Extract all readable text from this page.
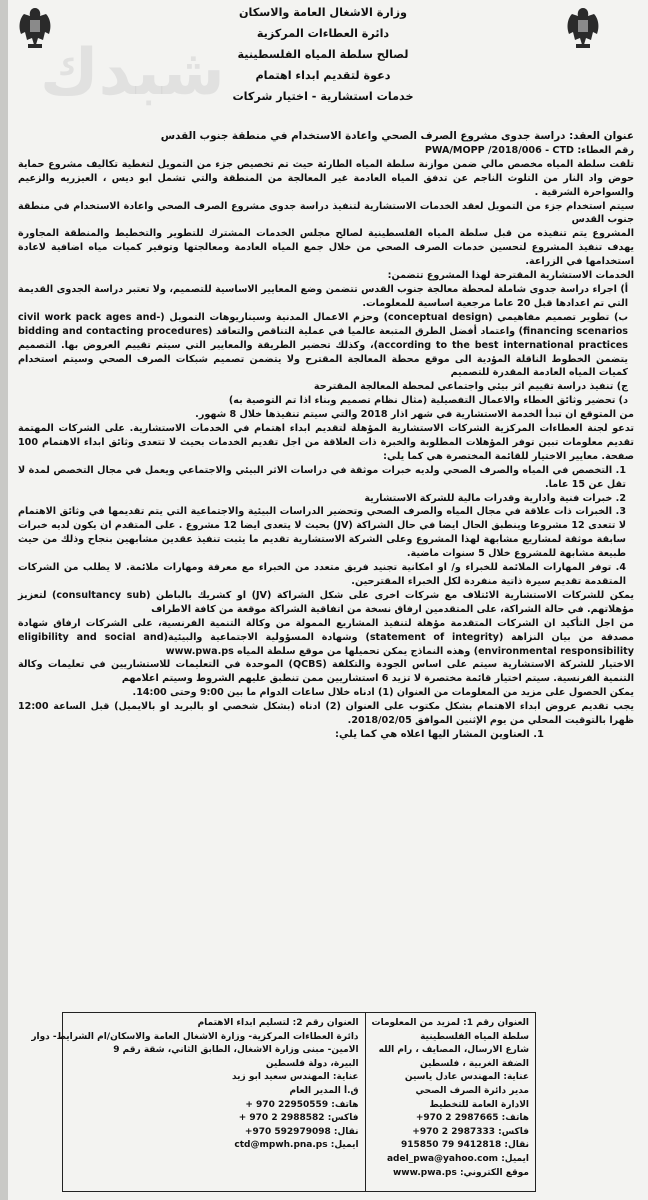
شبدك
وزارة الاشغال العامة والاسكان
دائرة العطاءات المركزية
لصالح سلطة المياه الفلسطينية
دعوة لتقديم ابداء اهتمام
خدمات استشارية - اختيار شركات

عنوان العقد: دراسة جدوى مشروع الصرف الصحي واعادة الاستخدام في منطقة جنوب القدس

رقم العطاء: PWA/MOPP /2018/006 - CTD

تلقت سلطة المياه مخصص مالي ضمن موازنة سلطة المياه الطارئة حيث تم تخصيص جزء من التمويل لتغطية تكاليف مشروع حماية حوض واد النار من التلوث الناجم عن تدفق المياه العادمة غير المعالجة من المنطقة والتي تشمل ابو ديس ، العيزريه والزعيم والسواحرة الشرقية .

سيتم استخدام جزء من التمويل لعقد الخدمات الاستشارية لتنفيذ دراسة جدوى مشروع الصرف الصحي واعادة الاستخدام في منطقة جنوب القدس

المشروع يتم تنفيذه من قبل سلطة المياه الفلسطينية لصالح مجلس الخدمات المشترك للتطوير والتخطيط والمنطقة المجاورة يهدف تنفيذ المشروع لتحسين خدمات الصرف الصحي من خلال جمع المياه العادمة ومعالجتها وتوفير كميات مياه اضافية لاعادة استخدامها في الزراعة.

الخدمات الاستشارية المقترحة لهذا المشروع تتضمن:

أ) اجراء دراسة جدوى شاملة لمحطة معالجة جنوب القدس تتضمن وضع المعايير الاساسية للتصميم، ولا تعتبر دراسة الجدوى القديمة التي تم اعدادها قبل 20 عاما مرجعية اساسية للمعلومات.

ب) تطوير تصميم مفاهيمي (conceptual design) وحزم الاعمال المدنية وسيناريوهات التمويل (-civil work pack ages and financing scenarios) واعتماد أفضل الطرق المتبعة عالميا في عملية التناقص والتعاقد (bidding and contacting procedures according to the best international practices)، وكذلك تحضير الطريقة والمعايير التي سيتم تقييم العروض بها. التصميم يتضمن الخطوط الناقلة المؤدية الى موقع محطة المعالجة المقترح ولا يتضمن تصميم شبكات الصرف الصحي وسيتم استخدام كميات المياه العادمة المقدرة للتصميم

ج) تنفيذ دراسة تقييم اثر بيئي واجتماعي لمحطة المعالجة المقترحة

د) تحضير وثائق العطاء والاعمال التفصيلية (مثال نظام تصميم وبناء اذا تم التوصية به)

من المتوقع ان تبدأ الخدمة الاستشارية في شهر اذار 2018 والتي سيتم تنفيذها خلال 8 شهور.

تدعو لجنة العطاءات المركزية الشركات الاستشارية المؤهلة لتقديم ابداء اهتمام في الخدمات الاستشارية. على الشركات المهتمة تقديم معلومات تبين توفر المؤهلات المطلوبة والخبرة ذات العلاقة من اجل تقديم الخدمات بحيث لا تتعدى وثائق ابداء الاهتمام 100 صفحة. معايير الاختيار للقائمة المختصرة هي كما يلي:

1. التخصص في المياه والصرف الصحي ولديه خبرات موثقة في دراسات الاثر البيئي والاجتماعي ويعمل في مجال التخصص لمدة لا تقل عن 15 عاما.

2. خبرات فنية وادارية وقدرات مالية للشركة الاستشارية

3. الخبرات ذات علاقة في مجال المياه والصرف الصحي وتحضير الدراسات البيئية والاجتماعية التي يتم تقديمها في وثائق الاهتمام لا تتعدى 12 مشروعا وينطبق الحال ايضا في حال الشراكة (JV) بحيث لا يتعدى ايضا 12 مشروع . على المتقدم ان يكون لديه خبرات سابقة موثقة لمشاريع مشابهة لهذا المشروع وعلى الشركة الاستشارية تقديم ما يثبت تنفيذ عقدين مشابهين بنجاح وذلك من حيث طبيعة مشابهة للمشروع خلال 5 سنوات ماضية.

4. توفر المهارات الملائمة للخبراء و/ او امكانية تجنيد فريق متعدد من الخبراء مع معرفة ومهارات ملائمة. لا يطلب من الشركات المتقدمة تقديم سيرة ذاتية منفردة لكل الخبراء المقترحين.

يمكن للشركات الاستشارية الائتلاف مع شركات اخرى على شكل الشراكة (JV) او كشريك بالباطن (consultancy sub) لتعزيز مؤهلاتهم. في حالة الشراكة، على المتقدمين ارفاق نسخة من اتفاقية الشراكة موقعة من كافة الاطراف

من اجل التأكيد ان الشركات المتقدمة مؤهلة لتنفيذ المشاريع الممولة من وكالة التنمية الفرنسية، على الشركات ارفاق شهادة مصدقة من بيان النزاهة (statement of integrity) وشهادة المسؤولية الاجتماعية والبيئية(eligibility and social and environmental responsibility) وهذه النماذج يمكن تحميلها من موقع سلطة المياه www.pwa.ps

الاختيار للشركة الاستشارية سيتم على اساس الجودة والتكلفة (QCBS) الموحدة في التعليمات للاستشاريين في تعليمات وكالة التنمية الفرنسية. سيتم اختيار قائمة مختصرة لا تزيد 6 استشاريين ممن تنطبق عليهم الشروط وسيتم اعلامهم

يمكن الحصول على مزيد من المعلومات من العنوان (1) ادناه خلال ساعات الدوام ما بين 9:00 وحتى 14:00.

يجب تقديم عروض ابداء الاهتمام بشكل مكتوب على العنوان (2) ادناه (بشكل شخصي او بالبريد او بالايميل) قبل الساعة 12:00 ظهرا بالتوقيت المحلي من يوم الإثنين الموافق 2018/02/05.

1. العناوين المشار اليها اعلاه هي كما يلي:

العنوان رقم 1: لمزيد من المعلومات
سلطة المياه الفلسطينية
شارع الارسال، المصايف ، رام الله
الضفة الغربية ، فلسطين
عناية: المهندس عادل ياسين
مدير دائرة الصرف الصحي
الادارة العامة للتخطيط
هاتف: 2987665 2 970+
فاكس: 2987333 2 970+
نقال: 9412818 79 915850
ايميل: adel_pwa@yahoo.com
موقع الكتروني: www.pwa.ps
العنوان رقم 2: لتسليم ابداء الاهتمام
دائرة العطاءات المركزية- وزارة الاشغال العامة والاسكان/ام الشرايط- دوار
الامين- مبنى وزارة الاشغال، الطابق الثاني، شقة رقم 9
البيرة، دولة فلسطين
عناية: المهندس سعيد ابو زيد
ق.أ المدير العام
هاتف: 22950559 970 +
فاكس: 2988582 2 970 +
نقال: 592979098 970+
ايميل: ctd@mpwh.pna.ps
